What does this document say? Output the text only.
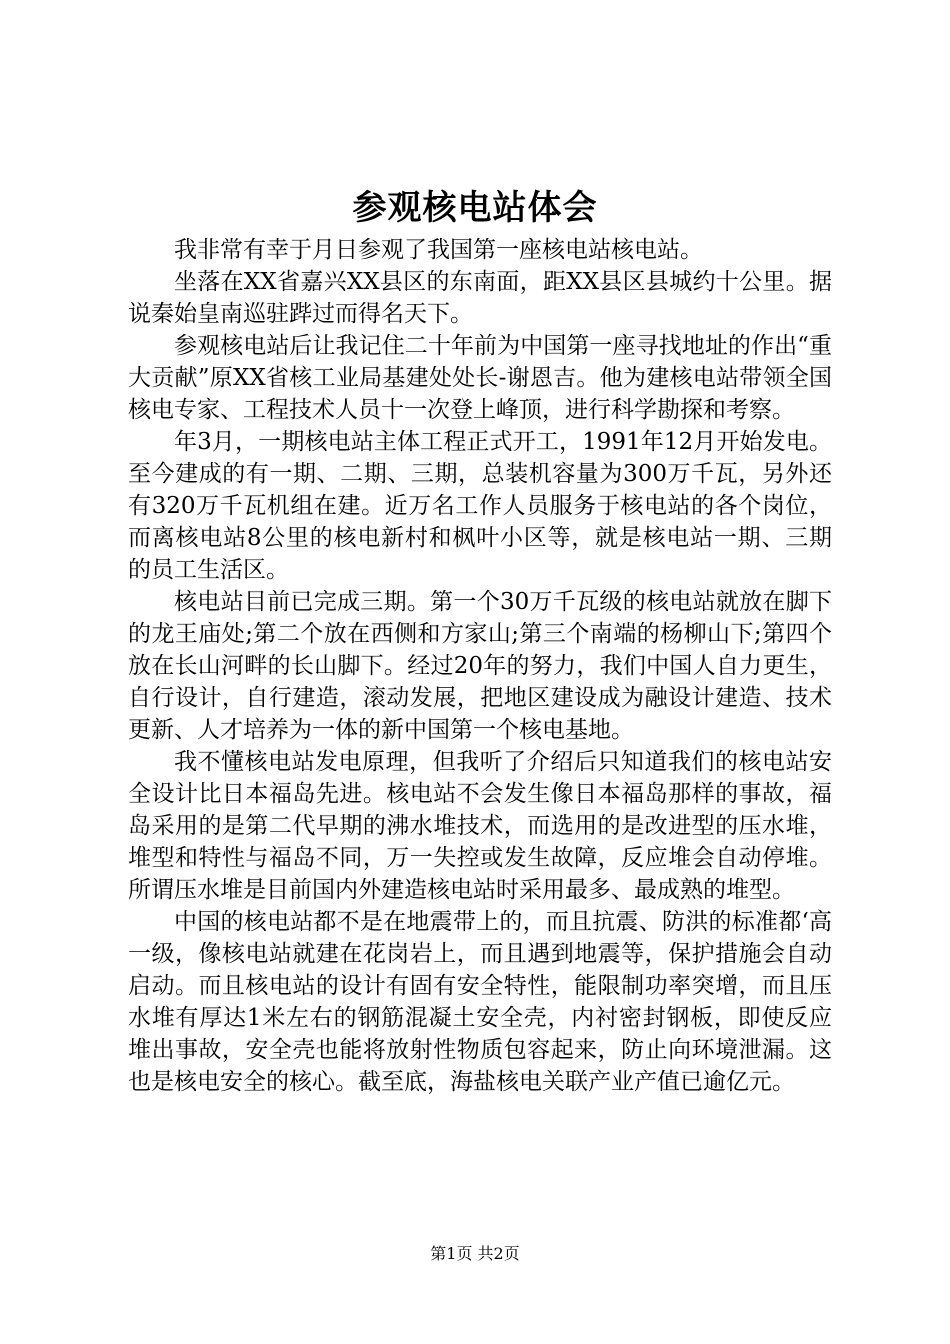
参观核电站体会

我非常有幸于月日参观了我国第一座核电站核电站。

坐落在XX省嘉兴XX县区的东南面，距XX县区县城约十公里。据说秦始皇南巡驻跸过而得名天下。

参观核电站后让我记住二十年前为中国第一座寻找地址的作出“重大贡献”原XX省核工业局基建处处长-谢恩吉。他为建核电站带领全国核电专家、工程技术人员十一次登上峰顶，进行科学勘探和考察。

年3月，一期核电站主体工程正式开工，1991年12月开始发电。至今建成的有一期、二期、三期，总装机容量为300万千瓦，另外还有320万千瓦机组在建。近万名工作人员服务于核电站的各个岗位，而离核电站8公里的核电新村和枫叶小区等，就是核电站一期、三期的员工生活区。

核电站目前已完成三期。第一个30万千瓦级的核电站就放在脚下的龙王庙处;第二个放在西侧和方家山;第三个南端的杨柳山下;第四个放在长山河畔的长山脚下。经过20年的努力，我们中国人自力更生，自行设计，自行建造，滚动发展，把地区建设成为融设计建造、技术更新、人才培养为一体的新中国第一个核电基地。

我不懂核电站发电原理，但我听了介绍后只知道我们的核电站安全设计比日本福岛先进。核电站不会发生像日本福岛那样的事故，福岛采用的是第二代早期的沸水堆技术，而选用的是改进型的压水堆，堆型和特性与福岛不同，万一失控或发生故障，反应堆会自动停堆。所谓压水堆是目前国内外建造核电站时采用最多、最成熟的堆型。

中国的核电站都不是在地震带上的，而且抗震、防洪的标准都‘高一级，像核电站就建在花岗岩上，而且遇到地震等，保护措施会自动启动。而且核电站的设计有固有安全特性，能限制功率突增，而且压水堆有厚达1米左右的钢筋混凝土安全壳，内衬密封钢板，即使反应堆出事故，安全壳也能将放射性物质包容起来，防止向环境泄漏。这也是核电安全的核心。截至底，海盐核电关联产业产值已逾亿元。

第1页 共2页
